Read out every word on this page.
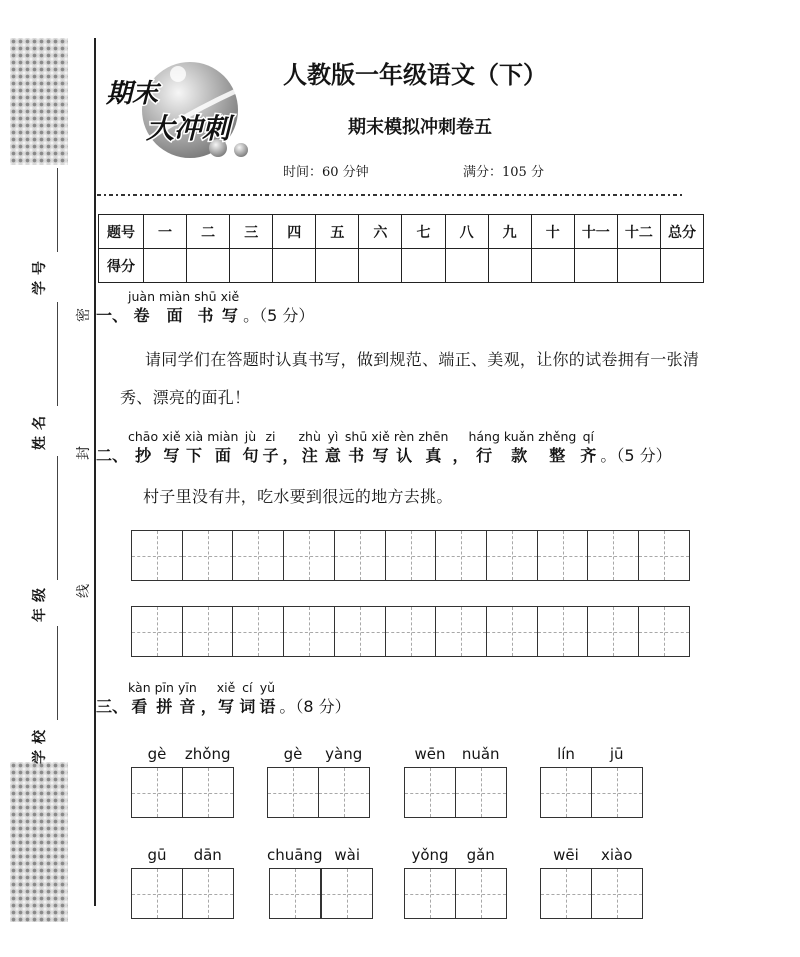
学号
姓名
年级
学校
密
封
线
期末
大冲刺
人教版一年级语文（下）
期末模拟冲刺卷五
时间：60 分钟	满分：105 分
题号	一	二	三	四	五	六	七	八	九	十	十一	十二	总分
得分													
一、
juàn
卷
miàn
面
shū
书
xiě
写 。（5 分）
请同学们在答题时认真书写，做到规范、端正、美观，让你的试卷拥有一张清
秀、漂亮的面孔！
二、
chāo
抄
xiě
写
xià
下
miàn
面
jù
句
zi
子 ，
zhù
注
yì
意
shū
书
xiě
写
rèn
认
zhēn
真 ，
háng
行
kuǎn
款
zhěng
整
qí
齐 。（5 分）
村子里没有井，吃水要到很远的地方去挑。
三、
kàn
看
pīn
拼
yīn
音 ，
xiě
写
cí
词
yǔ
语 。（8 分）
gè zhǒng	gè yàng	wēn nuǎn	lín jū
gū dān	chuāng wài	yǒng gǎn	wēi xiào
